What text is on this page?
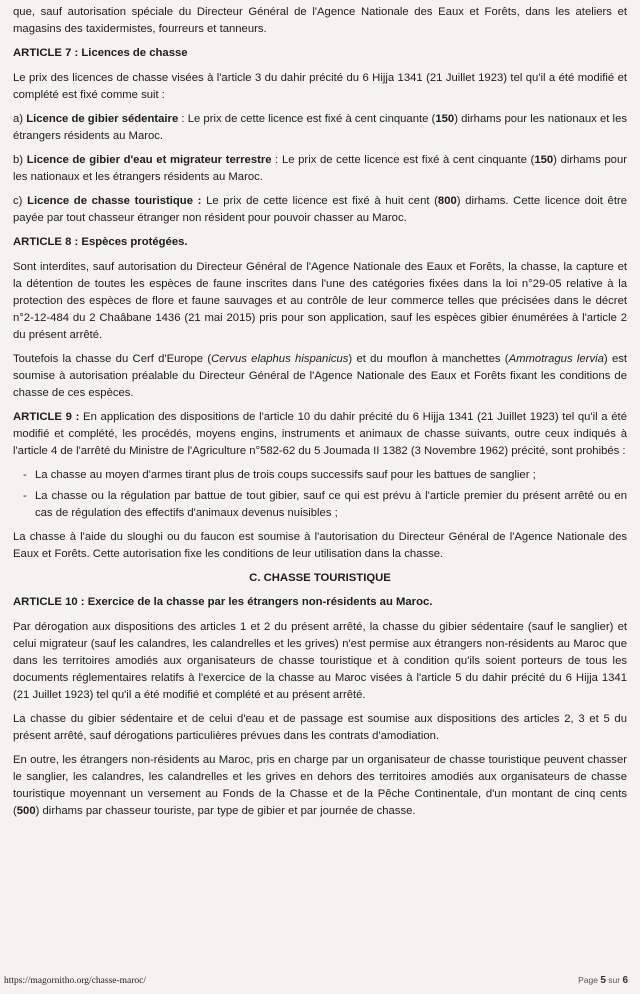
que, sauf autorisation spéciale du Directeur Général de l'Agence Nationale des Eaux et Forêts, dans les ateliers et magasins des taxidermistes, fourreurs et tanneurs.

ARTICLE 7 : Licences de chasse

Le prix des licences de chasse visées à l'article 3 du dahir précité du 6 Hijja 1341 (21 Juillet 1923) tel qu'il a été modifié et complété est fixé comme suit :

a) Licence de gibier sédentaire : Le prix de cette licence est fixé à cent cinquante (150) dirhams pour les nationaux et les étrangers résidents au Maroc.

b) Licence de gibier d'eau et migrateur terrestre : Le prix de cette licence est fixé à cent cinquante (150) dirhams pour les nationaux et les étrangers résidents au Maroc.

c) Licence de chasse touristique : Le prix de cette licence est fixé à huit cent (800) dirhams. Cette licence doit être payée par tout chasseur étranger non résident pour pouvoir chasser au Maroc.

ARTICLE 8 : Espèces protégées.

Sont interdites, sauf autorisation du Directeur Général de l'Agence Nationale des Eaux et Forêts, la chasse, la capture et la détention de toutes les espèces de faune inscrites dans l'une des catégories fixées dans la loi n°29-05 relative à la protection des espèces de flore et faune sauvages et au contrôle de leur commerce telles que précisées dans le décret n°2-12-484 du 2 Chaâbane 1436 (21 mai 2015) pris pour son application, sauf les espèces gibier énumérées à l'article 2 du présent arrêté.

Toutefois la chasse du Cerf d'Europe (Cervus elaphus hispanicus) et du mouflon à manchettes (Ammotragus lervia) est soumise à autorisation préalable du Directeur Général de l'Agence Nationale des Eaux et Forêts fixant les conditions de chasse de ces espèces.

ARTICLE 9 : En application des dispositions de l'article 10 du dahir précité du 6 Hijja 1341 (21 Juillet 1923) tel qu'il a été modifié et complété, les procédés, moyens engins, instruments et animaux de chasse suivants, outre ceux indiqués à l'article 4 de l'arrêté du Ministre de l'Agriculture n°582-62 du 5 Joumada II 1382 (3 Novembre 1962) précité, sont prohibés :

- La chasse au moyen d'armes tirant plus de trois coups successifs sauf pour les battues de sanglier ;
- La chasse ou la régulation par battue de tout gibier, sauf ce qui est prévu à l'article premier du présent arrêté ou en cas de régulation des effectifs d'animaux devenus nuisibles ;

La chasse à l'aide du sloughi ou du faucon est soumise à l'autorisation du Directeur Général de l'Agence Nationale des Eaux et Forêts. Cette autorisation fixe les conditions de leur utilisation dans la chasse.

C. CHASSE TOURISTIQUE
ARTICLE 10 : Exercice de la chasse par les étrangers non-résidents au Maroc.

Par dérogation aux dispositions des articles 1 et 2 du présent arrêté, la chasse du gibier sédentaire (sauf le sanglier) et celui migrateur (sauf les calandres, les calandrelles et les grives) n'est permise aux étrangers non-résidents au Maroc que dans les territoires amodiés aux organisateurs de chasse touristique et à condition qu'ils soient porteurs de tous les documents réglementaires relatifs à l'exercice de la chasse au Maroc visées à l'article 5 du dahir précité du 6 Hijja 1341 (21 Juillet 1923) tel qu'il a été modifié et complété et au présent arrêté.

La chasse du gibier sédentaire et de celui d'eau et de passage est soumise aux dispositions des articles 2, 3 et 5 du présent arrêté, sauf dérogations particulières prévues dans les contrats d'amodiation.

En outre, les étrangers non-résidents au Maroc, pris en charge par un organisateur de chasse touristique peuvent chasser le sanglier, les calandres, les calandrelles et les grives en dehors des territoires amodiés aux organisateurs de chasse touristique moyennant un versement au Fonds de la Chasse et de la Pêche Continentale, d'un montant de cinq cents (500) dirhams par chasseur touriste, par type de gibier et par journée de chasse.

https://magornitho.org/chasse-maroc/	Page 5 sur 6
